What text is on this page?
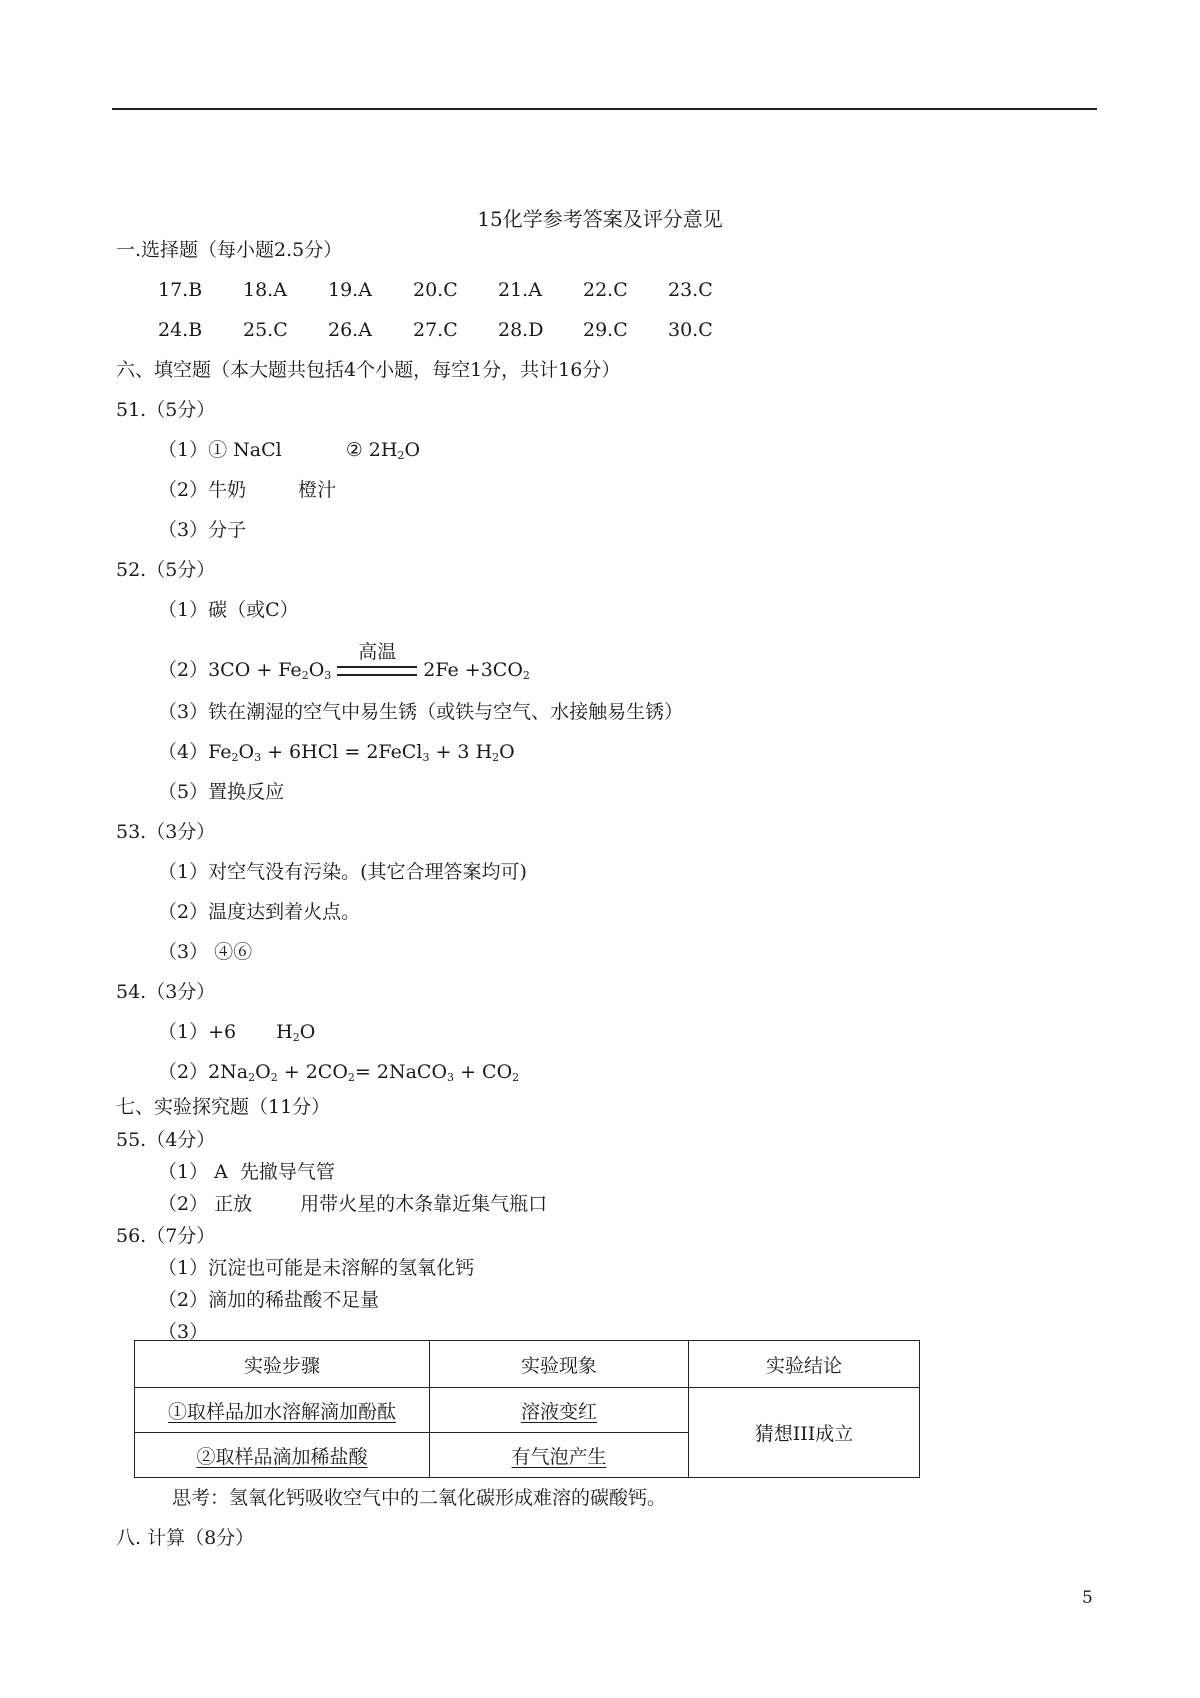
15化学参考答案及评分意见
一.选择题（每小题2.5分）
17.B	18.A	19.A	20.C	21.A	22.C	23.C
24.B	25.C	26.A	27.C	28.D	29.C	30.C
六、填空题（本大题共包括4个小题，每空1分，共计16分）
51.（5分）
（1）① NaCl	② $2H_2O$
（2）牛奶	橙汁
（3）分子
52.（5分）
（1）碳（或C）
$(2)3CO + Fe_2O_3$
高温
$2Fe +3CO_2$
（3）铁在潮湿的空气中易生锈（或铁与空气、水接触易生锈）
$(4)Fe_2O_3 + 6HCl$ = 2FeCl$_3$ + 3 $H_2O$
（5）置换反应
53.（3分）
（1）对空气没有污染。(其它合理答案均可)
（2）温度达到着火点。
（3） ④⑥
54.（3分）
（1）+6 $H_2O$
$(2)2Na_2O_2 + 2CO_2=$ 2NaCO$_3$ + $CO_2$
七、实验探究题（11分）
55.（4分）
（1） A  先撤导气管
（2） 正放	用带火星的木条靠近集气瓶口
56.（7分）
（1）沉淀也可能是未溶解的氢氧化钙
（2）滴加的稀盐酸不足量
（3）
实验步骤	实验现象	实验结论
①取样品加水溶解滴加酚酞	溶液变红	猜想III成立
②取样品滴加稀盐酸	有气泡产生	
思考：氢氧化钙吸收空气中的二氧化碳形成难溶的碳酸钙。
八. 计算（8分）
5
